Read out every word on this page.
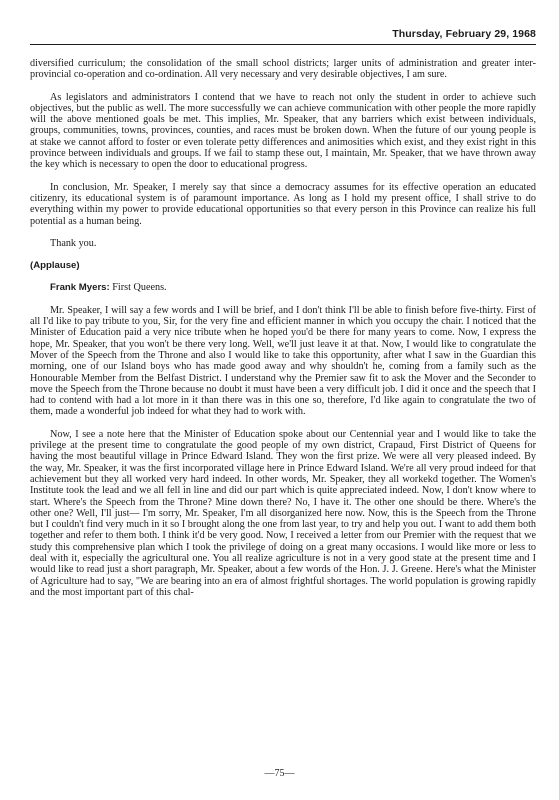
Thursday, February 29, 1968

diversified curriculum; the consolidation of the small school districts; larger units of administration and greater inter-provincial co-operation and co-ordination. All very necessary and very desirable objectives, I am sure.

As legislators and administrators I contend that we have to reach not only the student in order to achieve such objectives, but the public as well. The more successfully we can achieve communication with other people the more rapidly will the above mentioned goals be met. This implies, Mr. Speaker, that any barriers which exist between individuals, groups, communities, towns, provinces, counties, and races must be broken down. When the future of our young people is at stake we cannot afford to foster or even tolerate petty differences and animosities which exist, and they exist right in this province between individuals and groups. If we fail to stamp these out, I maintain, Mr. Speaker, that we have thrown away the key which is necessary to open the door to educational progress.

In conclusion, Mr. Speaker, I merely say that since a democracy assumes for its effective operation an educated citizenry, its educational system is of paramount importance. As long as I hold my present office, I shall strive to do everything within my power to provide educational opportunities so that every person in this Province can realize his full potential as a human being.

Thank you.

(Applause)

Frank Myers: First Queens.

Mr. Speaker, I will say a few words and I will be brief, and I don't think I'll be able to finish before five-thirty. First of all I'd like to pay tribute to you, Sir, for the very fine and efficient manner in which you occupy the chair. I noticed that the Minister of Education paid a very nice tribute when he hoped you'd be there for many years to come. Now, I express the hope, Mr. Speaker, that you won't be there very long. Well, we'll just leave it at that. Now, I would like to congratulate the Mover of the Speech from the Throne and also I would like to take this opportunity, after what I saw in the Guardian this morning, one of our Island boys who has made good away and why shouldn't he, coming from a family such as the Honourable Member from the Belfast District. I understand why the Premier saw fit to ask the Mover and the Seconder to move the Speech from the Throne because no doubt it must have been a very difficult job. I did it once and the speech that I had to contend with had a lot more in it than there was in this one so, therefore, I'd like again to congratulate the two of them, made a wonderful job indeed for what they had to work with.

Now, I see a note here that the Minister of Education spoke about our Centennial year and I would like to take the privilege at the present time to congratulate the good people of my own district, Crapaud, First District of Queens for having the most beautiful village in Prince Edward Island. They won the first prize. We were all very pleased indeed. By the way, Mr. Speaker, it was the first incorporated village here in Prince Edward Island. We're all very proud indeed for that achievement but they all worked very hard indeed. In other words, Mr. Speaker, they all workekd together. The Women's Institute took the lead and we all fell in line and did our part which is quite appreciated indeed. Now, I don't know where to start. Where's the Speech from the Throne? Mine down there? No, I have it. The other one should be there. Where's the other one? Well, I'll just— I'm sorry, Mr. Speaker, I'm all disorganized here now. Now, this is the Speech from the Throne but I couldn't find very much in it so I brought along the one from last year, to try and help you out. I want to add them both together and refer to them both. I think it'd be very good. Now, I received a letter from our Premier with the request that we study this comprehensive plan which I took the privilege of doing on a great many occasions. I would like more or less to deal with it, especially the agricultural one. You all realize agriculture is not in a very good state at the present time and I would like to read just a short paragraph, Mr. Speaker, about a few words of the Hon. J. J. Greene. Here's what the Minister of Agriculture had to say, "We are bearing into an era of almost frightful shortages. The world population is growing rapidly and the most important part of this chal-

—75—
